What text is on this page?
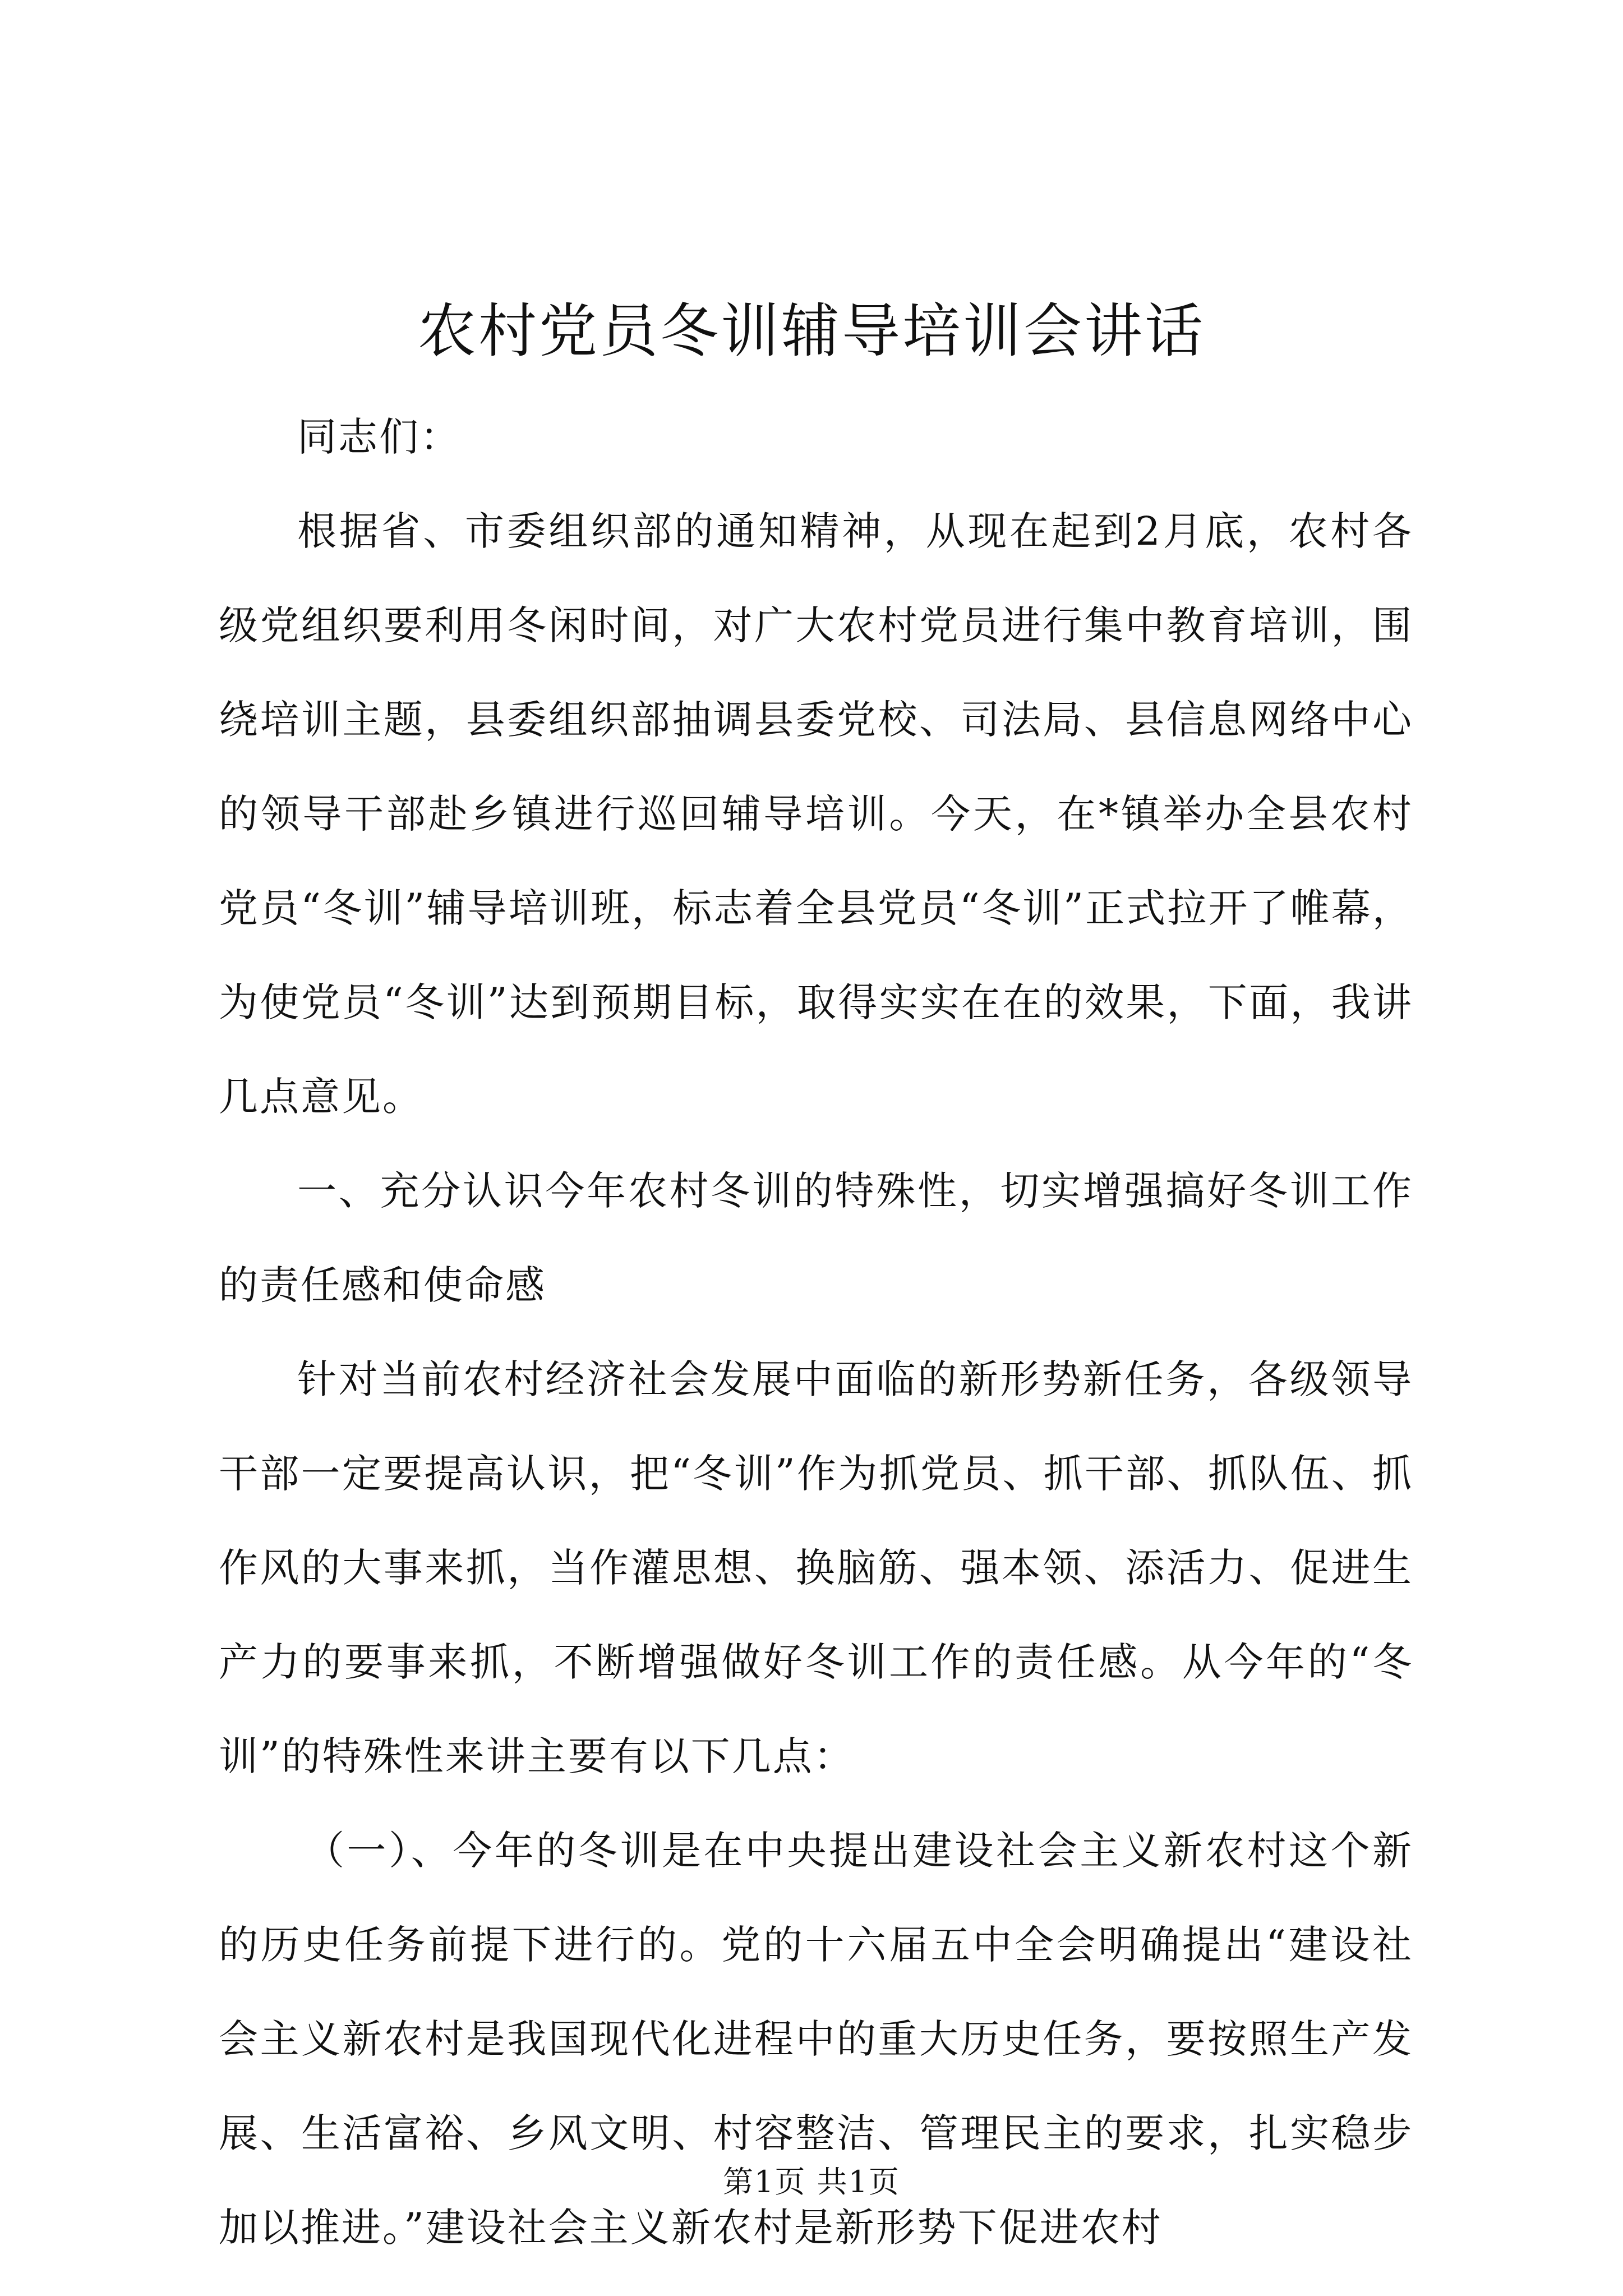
农村党员冬训辅导培训会讲话

同志们：

根据省、市委组织部的通知精神，从现在起到2月底，农村各级党组织要利用冬闲时间，对广大农村党员进行集中教育培训，围绕培训主题，县委组织部抽调县委党校、司法局、县信息网络中心的领导干部赴乡镇进行巡回辅导培训。今天，在*镇举办全县农村党员“冬训”辅导培训班，标志着全县党员“冬训”正式拉开了帷幕，为使党员“冬训”达到预期目标，取得实实在在的效果，下面，我讲几点意见。

一、充分认识今年农村冬训的特殊性，切实增强搞好冬训工作的责任感和使命感

针对当前农村经济社会发展中面临的新形势新任务，各级领导干部一定要提高认识，把“冬训”作为抓党员、抓干部、抓队伍、抓作风的大事来抓，当作灌思想、换脑筋、强本领、添活力、促进生产力的要事来抓，不断增强做好冬训工作的责任感。从今年的“冬训”的特殊性来讲主要有以下几点：

（一）、今年的冬训是在中央提出建设社会主义新农村这个新的历史任务前提下进行的。党的十六届五中全会明确提出“建设社会主义新农村是我国现代化进程中的重大历史任务，要按照生产发展、生活富裕、乡风文明、村容整洁、管理民主的要求，扎实稳步加以推进。”建设社会主义新农村是新形势下促进农村

第1页 共1页
